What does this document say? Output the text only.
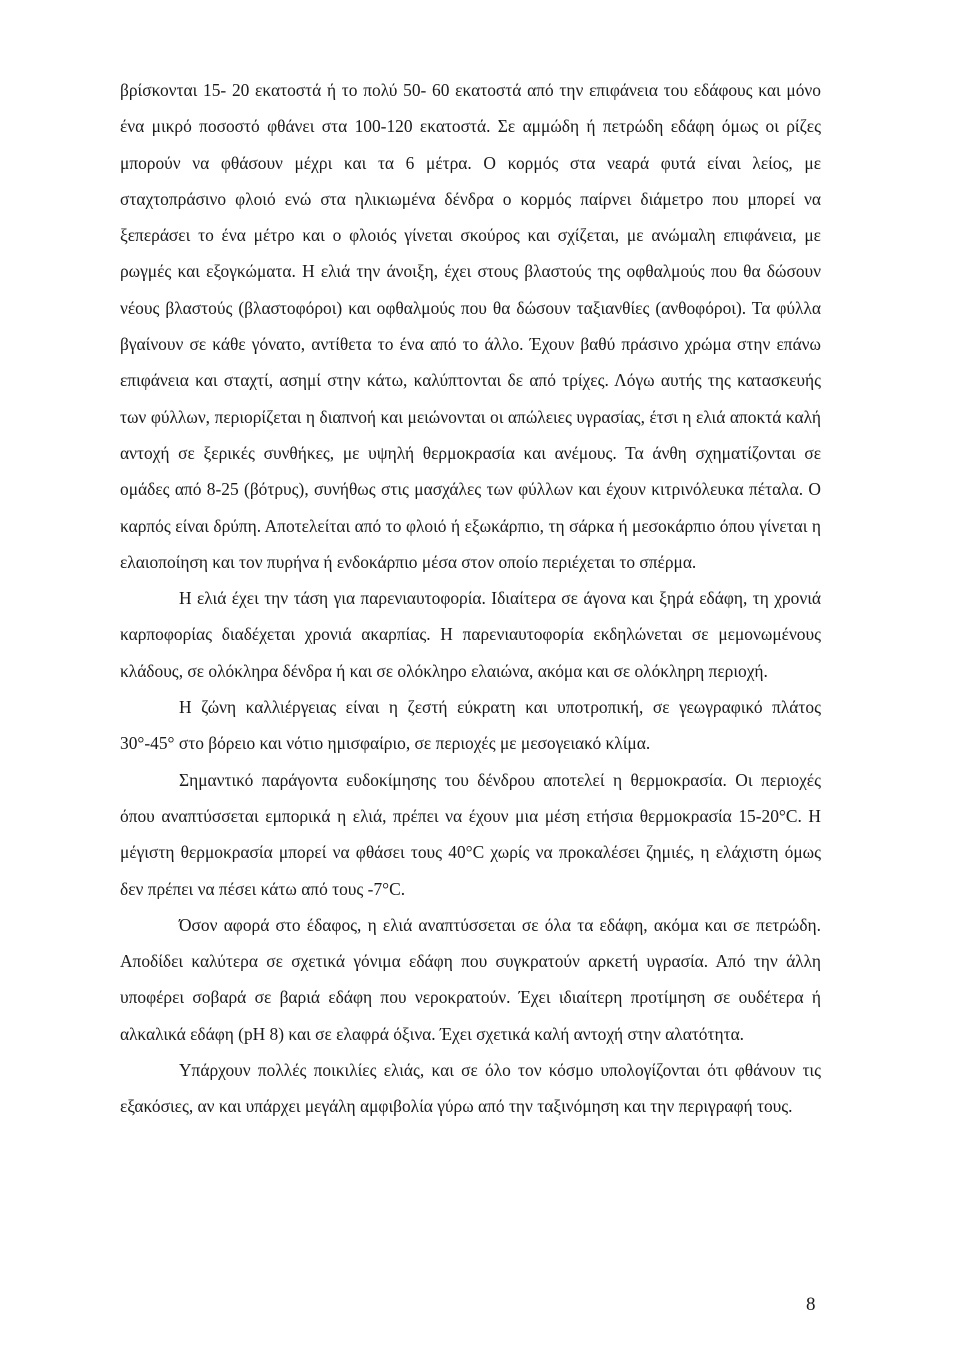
βρίσκονται 15- 20 εκατοστά ή το πολύ 50- 60 εκατοστά από την επιφάνεια του εδάφους και μόνο ένα μικρό ποσοστό φθάνει στα 100-120 εκατοστά. Σε αμμώδη ή πετρώδη εδάφη όμως οι ρίζες μπορούν να φθάσουν μέχρι και τα 6 μέτρα. Ο κορμός στα νεαρά φυτά είναι λείος, με σταχτοπράσινο φλοιό ενώ στα ηλικιωμένα δένδρα ο κορμός παίρνει διάμετρο που μπορεί να ξεπεράσει το ένα μέτρο και ο φλοιός γίνεται σκούρος και σχίζεται, με ανώμαλη επιφάνεια, με ρωγμές και εξογκώματα. Η ελιά την άνοιξη, έχει στους βλαστούς της οφθαλμούς που θα δώσουν νέους βλαστούς (βλαστοφόροι) και οφθαλμούς που θα δώσουν ταξιανθίες (ανθοφόροι). Τα φύλλα βγαίνουν σε κάθε γόνατο, αντίθετα το ένα από το άλλο. Έχουν βαθύ πράσινο χρώμα στην επάνω επιφάνεια και σταχτί, ασημί στην κάτω, καλύπτονται δε από τρίχες. Λόγω αυτής της κατασκευής των φύλλων, περιορίζεται η διαπνοή και μειώνονται οι απώλειες υγρασίας, έτσι η ελιά αποκτά καλή αντοχή σε ξερικές συνθήκες, με υψηλή θερμοκρασία και ανέμους. Τα άνθη σχηματίζονται σε ομάδες από 8-25 (βότρυς), συνήθως στις μασχάλες των φύλλων και έχουν κιτρινόλευκα πέταλα. Ο καρπός είναι δρύπη. Αποτελείται από το φλοιό ή εξωκάρπιο, τη σάρκα ή μεσοκάρπιο όπου γίνεται η ελαιοποίηση και τον πυρήνα ή ενδοκάρπιο μέσα στον οποίο περιέχεται το σπέρμα.

Η ελιά έχει την τάση για παρενιαυτοφορία. Ιδιαίτερα σε άγονα και ξηρά εδάφη, τη χρονιά καρποφορίας διαδέχεται χρονιά ακαρπίας. Η παρενιαυτοφορία εκδηλώνεται σε μεμονωμένους κλάδους, σε ολόκληρα δένδρα ή και σε ολόκληρο ελαιώνα, ακόμα και σε ολόκληρη περιοχή.

Η ζώνη καλλιέργειας είναι η ζεστή εύκρατη και υποτροπική, σε γεωγραφικό πλάτος 30°-45° στο βόρειο και νότιο ημισφαίριο, σε περιοχές με μεσογειακό κλίμα.

Σημαντικό παράγοντα ευδοκίμησης του δένδρου αποτελεί η θερμοκρασία. Οι περιοχές όπου αναπτύσσεται εμπορικά η ελιά, πρέπει να έχουν μια μέση ετήσια θερμοκρασία 15-20°C. Η μέγιστη θερμοκρασία μπορεί να φθάσει τους 40°C χωρίς να προκαλέσει ζημιές, η ελάχιστη όμως δεν πρέπει να πέσει κάτω από τους -7°C.

Όσον αφορά στο έδαφος, η ελιά αναπτύσσεται σε όλα τα εδάφη, ακόμα και σε πετρώδη. Αποδίδει καλύτερα σε σχετικά γόνιμα εδάφη που συγκρατούν αρκετή υγρασία. Από την άλλη υποφέρει σοβαρά σε βαριά εδάφη που νεροκρατούν. Έχει ιδιαίτερη προτίμηση σε ουδέτερα ή αλκαλικά εδάφη (pH 8) και σε ελαφρά όξινα. Έχει σχετικά καλή αντοχή στην αλατότητα.

Υπάρχουν πολλές ποικιλίες ελιάς, και σε όλο τον κόσμο υπολογίζονται ότι φθάνουν τις εξακόσιες, αν και υπάρχει μεγάλη αμφιβολία γύρω από την ταξινόμηση και την περιγραφή τους.

8
